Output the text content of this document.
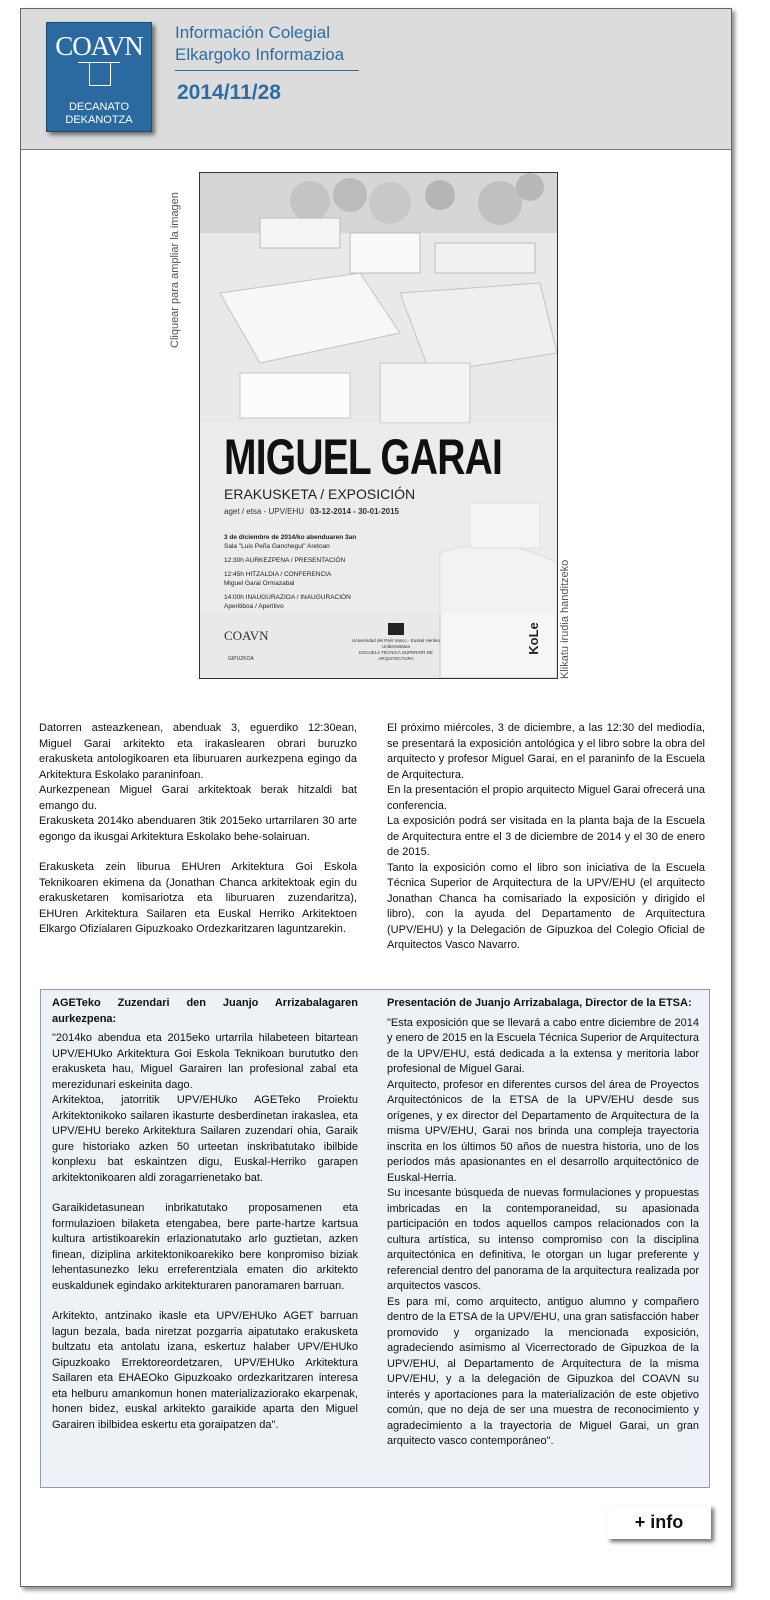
COAVN
DECANATO
DEKANOTZA
Información Colegial
Elkargoko Informazioa
2014/11/28
Cliquear para ampliar la imagen
MIGUEL GARAI
ERAKUSKETA / EXPOSICIÓN
aget / etsa - UPV/EHU 03-12-2014 - 30-01-2015
3 de diciembre de 2014/ko abenduaren 3an
Sala "Luis Peña Ganchegui" Aretoan
12:30h AURKEZPENA / PRESENTACIÓN
12:45h HITZALDIA / CONFERENCIA
Miguel Garai Ormazabal
14:00h INAUGURAZIOA / INAUGURACIÓN
Aperitiboa / Aperitivo
COAVN
GIPUZKOA
Universidad del País Vasco · Euskal Herriko Unibertsitatea
ESCUELA TÉCNICA SUPERIOR DE ARQUITECTURA
KoLe Klikatu irudia handitzeko

Datorren asteazkenean, abenduak 3, eguerdiko 12:30ean, Miguel Garai arkitekto eta irakaslearen obrari buruzko erakusketa antologikoaren eta liburuaren aurkezpena egingo da Arkitektura Eskolako paraninfoan.

Aurkezpenean Miguel Garai arkitektoak berak hitzaldi bat emango du.

Erakusketa 2014ko abenduaren 3tik 2015eko urtarrilaren 30 arte egongo da ikusgai Arkitektura Eskolako behe-solairuan.

Erakusketa zein liburua EHUren Arkitektura Goi Eskola Teknikoaren ekimena da (Jonathan Chanca arkitektoak egin du erakusketaren komisariotza eta liburuaren zuzendaritza), EHUren Arkitektura Sailaren eta Euskal Herriko Arkitektoen Elkargo Ofizialaren Gipuzkoako Ordezkaritzaren laguntzarekin.

El próximo miércoles, 3 de diciembre, a las 12:30 del mediodía, se presentará la exposición antológica y el libro sobre la obra del arquitecto y profesor Miguel Garai, en el paraninfo de la Escuela de Arquitectura.

En la presentación el propio arquitecto Miguel Garai ofrecerá una conferencia.

La exposición podrá ser visitada en la planta baja de la Escuela de Arquitectura entre el 3 de diciembre de 2014 y el 30 de enero de 2015.

Tanto la exposición como el libro son iniciativa de la Escuela Técnica Superior de Arquitectura de la UPV/EHU (el arquitecto Jonathan Chanca ha comisariado la exposición y dirigido el libro), con la ayuda del Departamento de Arquitectura (UPV/EHU) y la Delegación de Gipuzkoa del Colegio Oficial de Arquitectos Vasco Navarro.

AGETeko Zuzendari den Juanjo Arrizabalagaren aurkezpena:

"2014ko abendua eta 2015eko urtarrila hilabeteen bitartean UPV/EHUko Arkitektura Goi Eskola Teknikoan burututko den erakusketa hau, Miguel Garairen lan profesional zabal eta merezidunari eskeinita dago.

Arkitektoa, jatorritik UPV/EHUko AGETeko Proiektu Arkitektonikoko sailaren ikasturte desberdinetan irakaslea, eta UPV/EHU bereko Arkitektura Sailaren zuzendari ohia, Garaik gure historiako azken 50 urteetan inskribatutako ibilbide konplexu bat eskaintzen digu, Euskal-Herriko garapen arkitektonikoaren aldi zoragarrienetako bat.

Garaikidetasunean inbrikatutako proposamenen eta formulazioen bilaketa etengabea, bere parte-hartze kartsua kultura artistikoarekin erlazionatutako arlo guztietan, azken finean, diziplina arkitektonikoarekiko bere konpromiso biziak lehentasunezko leku erreferentziala ematen dio arkitekto euskaldunek egindako arkitekturaren panoramaren barruan.

Arkitekto, antzinako ikasle eta UPV/EHUko AGET barruan lagun bezala, bada niretzat pozgarria aipatutako erakusketa bultzatu eta antolatu izana, eskertuz halaber UPV/EHUko Gipuzkoako Errektoreordetzaren, UPV/EHUko Arkitektura Sailaren eta EHAEOko Gipuzkoako ordezkaritzaren interesa eta helburu amankomun honen materializaziorako ekarpenak, honen bidez, euskal arkitekto garaikide aparta den Miguel Garairen ibilbidea eskertu eta goraipatzen da".

Presentación de Juanjo Arrizabalaga, Director de la ETSA:

"Esta exposición que se llevará a cabo entre diciembre de 2014 y enero de 2015 en la Escuela Técnica Superior de Arquitectura de la UPV/EHU, está dedicada a la extensa y meritoria labor profesional de Miguel Garai.

Arquitecto, profesor en diferentes cursos del área de Proyectos Arquitectónicos de la ETSA de la UPV/EHU desde sus orígenes, y ex director del Departamento de Arquitectura de la misma UPV/EHU, Garai nos brinda una compleja trayectoria inscrita en los últimos 50 años de nuestra historia, uno de los períodos más apasionantes en el desarrollo arquitectónico de Euskal-Herria.

Su incesante búsqueda de nuevas formulaciones y propuestas imbricadas en la contemporaneidad, su apasionada participación en todos aquellos campos relacionados con la cultura artística, su intenso compromiso con la disciplina arquitectónica en definitiva, le otorgan un lugar preferente y referencial dentro del panorama de la arquitectura realizada por arquitectos vascos.

Es para mí, como arquitecto, antiguo alumno y compañero dentro de la ETSA de la UPV/EHU, una gran satisfacción haber promovido y organizado la mencionada exposición, agradeciendo asimismo al Vicerrectorado de Gipuzkoa de la UPV/EHU, al Departamento de Arquitectura de la misma UPV/EHU, y a la delegación de Gipuzkoa del COAVN su interés y aportaciones para la materialización de este objetivo común, que no deja de ser una muestra de reconocimiento y agradecimiento a la trayectoria de Miguel Garai, un gran arquitecto vasco contemporáneo".

+ info
